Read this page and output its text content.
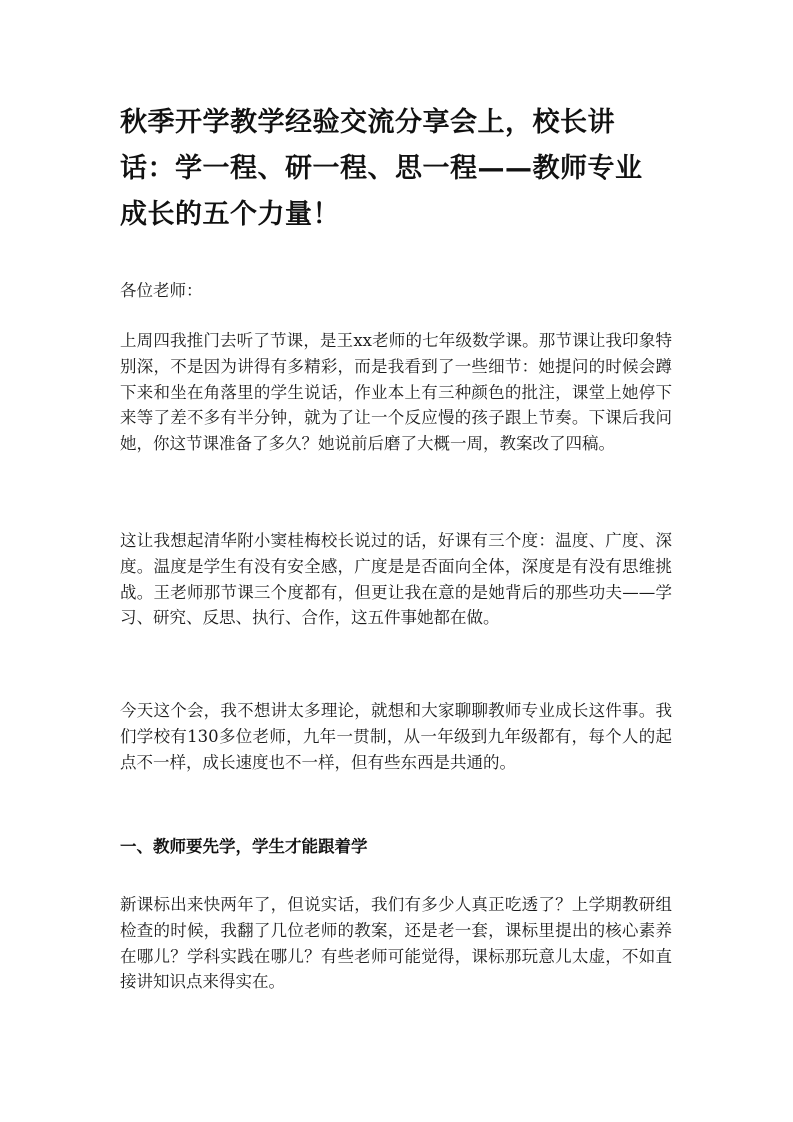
秋季开学教学经验交流分享会上，校长讲话：学一程、研一程、思一程——教师专业成长的五个力量！

各位老师：

上周四我推门去听了节课，是王xx老师的七年级数学课。那节课让我印象特别深，不是因为讲得有多精彩，而是我看到了一些细节：她提问的时候会蹲下来和坐在角落里的学生说话，作业本上有三种颜色的批注，课堂上她停下来等了差不多有半分钟，就为了让一个反应慢的孩子跟上节奏。下课后我问她，你这节课准备了多久？她说前后磨了大概一周，教案改了四稿。

这让我想起清华附小窦桂梅校长说过的话，好课有三个度：温度、广度、深度。温度是学生有没有安全感，广度是是否面向全体，深度是有没有思维挑战。王老师那节课三个度都有，但更让我在意的是她背后的那些功夫——学习、研究、反思、执行、合作，这五件事她都在做。

今天这个会，我不想讲太多理论，就想和大家聊聊教师专业成长这件事。我们学校有130多位老师，九年一贯制，从一年级到九年级都有，每个人的起点不一样，成长速度也不一样，但有些东西是共通的。

一、教师要先学，学生才能跟着学

新课标出来快两年了，但说实话，我们有多少人真正吃透了？上学期教研组检查的时候，我翻了几位老师的教案，还是老一套，课标里提出的核心素养在哪儿？学科实践在哪儿？有些老师可能觉得，课标那玩意儿太虚，不如直接讲知识点来得实在。
